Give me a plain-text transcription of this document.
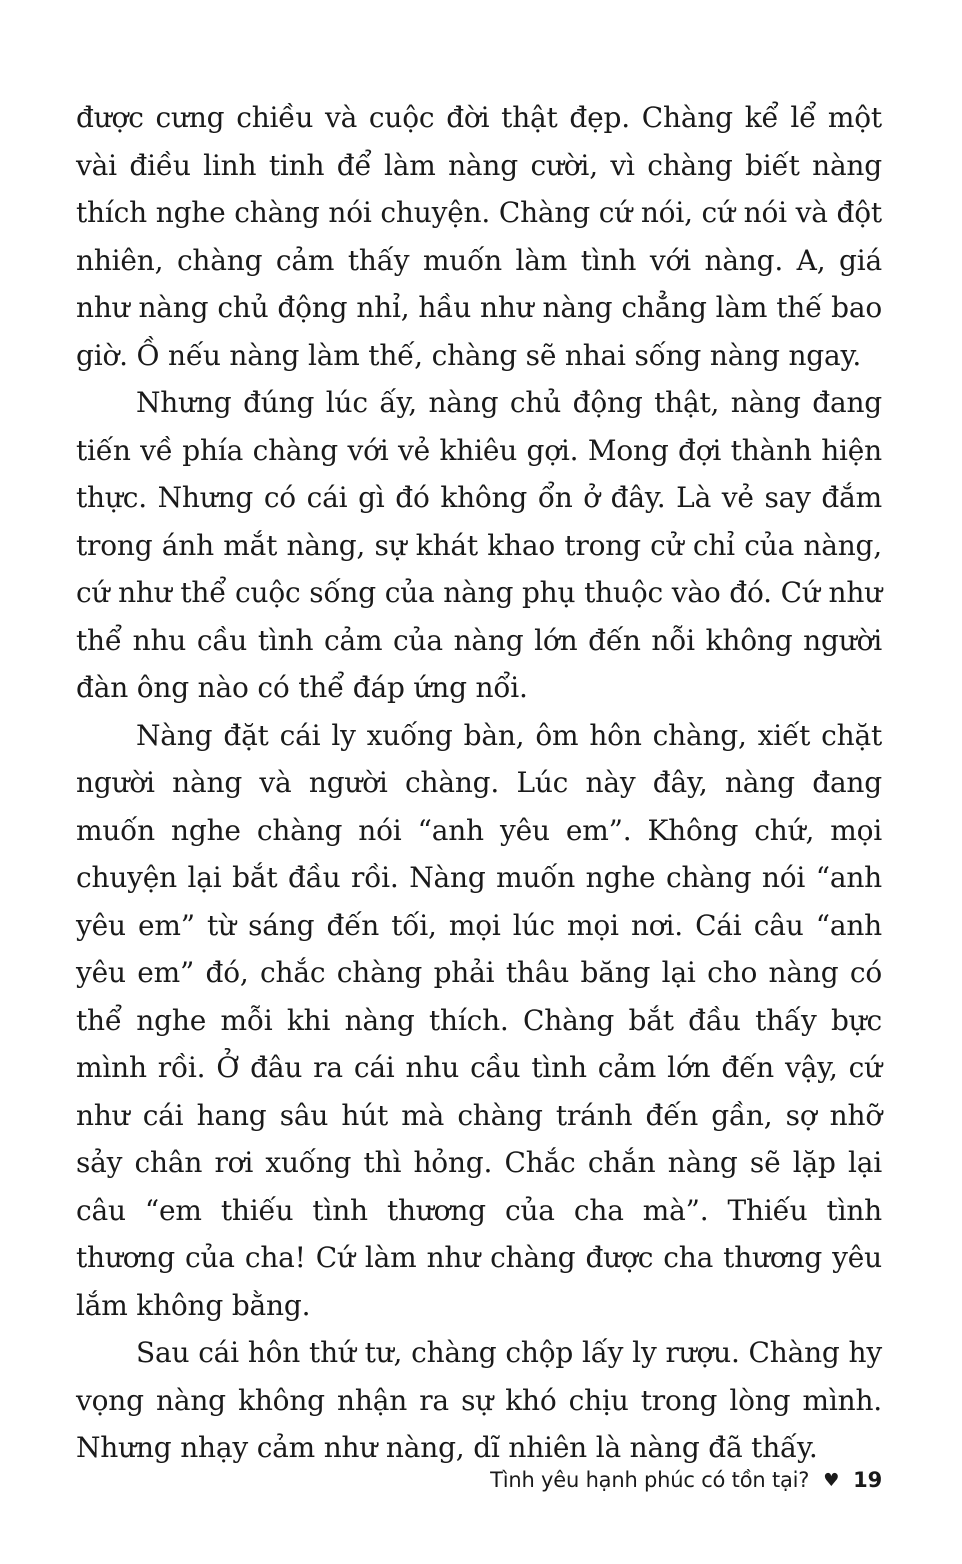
được cưng chiều và cuộc đời thật đẹp. Chàng kể lể một vài điều linh tinh để làm nàng cười, vì chàng biết nàng thích nghe chàng nói chuyện. Chàng cứ nói, cứ nói và đột nhiên, chàng cảm thấy muốn làm tình với nàng. A, giá như nàng chủ động nhỉ, hầu như nàng chẳng làm thế bao giờ. Ồ nếu nàng làm thế, chàng sẽ nhai sống nàng ngay.

Nhưng đúng lúc ấy, nàng chủ động thật, nàng đang tiến về phía chàng với vẻ khiêu gợi. Mong đợi thành hiện thực. Nhưng có cái gì đó không ổn ở đây. Là vẻ say đắm trong ánh mắt nàng, sự khát khao trong cử chỉ của nàng, cứ như thể cuộc sống của nàng phụ thuộc vào đó. Cứ như thể nhu cầu tình cảm của nàng lớn đến nỗi không người đàn ông nào có thể đáp ứng nổi.

Nàng đặt cái ly xuống bàn, ôm hôn chàng, xiết chặt người nàng và người chàng. Lúc này đây, nàng đang muốn nghe chàng nói “anh yêu em”. Không chứ, mọi chuyện lại bắt đầu rồi. Nàng muốn nghe chàng nói “anh yêu em” từ sáng đến tối, mọi lúc mọi nơi. Cái câu “anh yêu em” đó, chắc chàng phải thâu băng lại cho nàng có thể nghe mỗi khi nàng thích. Chàng bắt đầu thấy bực mình rồi. Ở đâu ra cái nhu cầu tình cảm lớn đến vậy, cứ như cái hang sâu hút mà chàng tránh đến gần, sợ nhỡ sảy chân rơi xuống thì hỏng. Chắc chắn nàng sẽ lặp lại câu “em thiếu tình thương của cha mà”. Thiếu tình thương của cha! Cứ làm như chàng được cha thương yêu lắm không bằng.

Sau cái hôn thứ tư, chàng chộp lấy ly rượu. Chàng hy vọng nàng không nhận ra sự khó chịu trong lòng mình. Nhưng nhạy cảm như nàng, dĩ nhiên là nàng đã thấy.

Tình yêu hạnh phúc có tồn tại? ♥ 19
